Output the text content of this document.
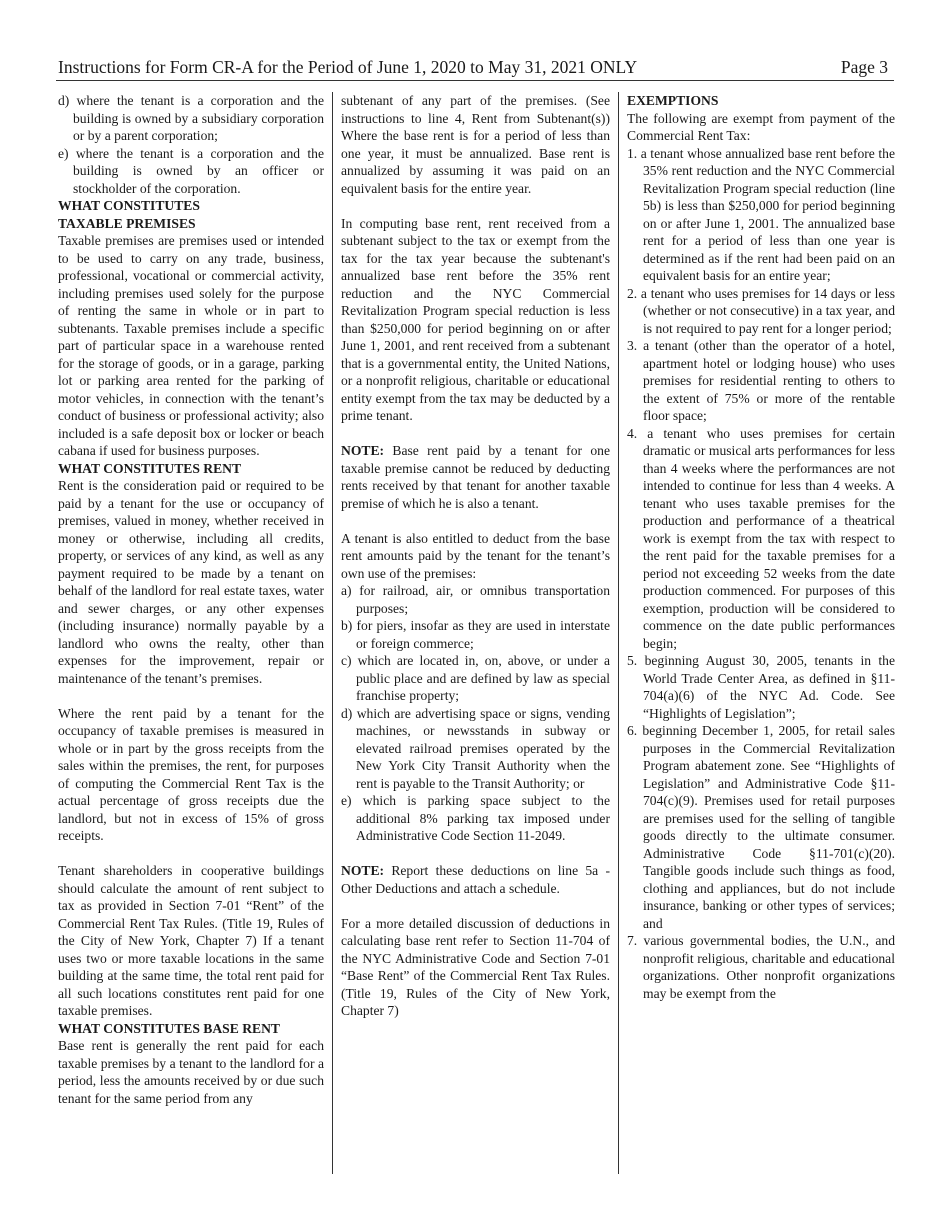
Instructions for Form CR-A for the Period of June 1, 2020 to May 31, 2021 ONLY	Page 3

d) where the tenant is a corporation and the building is owned by a subsidiary corporation or by a parent corporation;

e) where the tenant is a corporation and the building is owned by an officer or stockholder of the corporation.

WHAT CONSTITUTES

TAXABLE PREMISES

Taxable premises are premises used or intended to be used to carry on any trade, business, professional, vocational or commercial activity, including premises used solely for the purpose of renting the same in whole or in part to subtenants. Taxable premises include a specific part of particular space in a warehouse rented for the storage of goods, or in a garage, parking lot or parking area rented for the parking of motor vehicles, in connection with the tenant’s conduct of business or professional activity; also included is a safe deposit box or locker or beach cabana if used for business purposes.

WHAT CONSTITUTES RENT

Rent is the consideration paid or required to be paid by a tenant for the use or occupancy of premises, valued in money, whether received in money or otherwise, including all credits, property, or services of any kind, as well as any payment required to be made by a tenant on behalf of the landlord for real estate taxes, water and sewer charges, or any other expenses (including insurance) normally payable by a landlord who owns the realty, other than expenses for the improvement, repair or maintenance of the tenant’s premises.

Where the rent paid by a tenant for the occupancy of taxable premises is measured in whole or in part by the gross receipts from the sales within the premises, the rent, for purposes of computing the Commercial Rent Tax is the actual percentage of gross receipts due the landlord, but not in excess of 15% of gross receipts.

Tenant shareholders in cooperative buildings should calculate the amount of rent subject to tax as provided in Section 7-01 “Rent” of the Commercial Rent Tax Rules. (Title 19, Rules of the City of New York, Chapter 7) If a tenant uses two or more taxable locations in the same building at the same time, the total rent paid for all such locations constitutes rent paid for one taxable premises.

WHAT CONSTITUTES BASE RENT

Base rent is generally the rent paid for each taxable premises by a tenant to the landlord for a period, less the amounts received by or due such tenant for the same period from any

subtenant of any part of the premises. (See instructions to line 4, Rent from Subtenant(s)) Where the base rent is for a period of less than one year, it must be annualized. Base rent is annualized by assuming it was paid on an equivalent basis for the entire year.

In computing base rent, rent received from a subtenant subject to the tax or exempt from the tax for the tax year because the subtenant's annualized base rent before the 35% rent reduction and the NYC Commercial Revitalization Program special reduction is less than $250,000 for period beginning on or after June 1, 2001, and rent received from a subtenant that is a governmental entity, the United Nations, or a nonprofit religious, charitable or educational entity exempt from the tax may be deducted by a prime tenant.

NOTE: Base rent paid by a tenant for one taxable premise cannot be reduced by deducting rents received by that tenant for another taxable premise of which he is also a tenant.

A tenant is also entitled to deduct from the base rent amounts paid by the tenant for the tenant’s own use of the premises:

a) for railroad, air, or omnibus transportation purposes;

b) for piers, insofar as they are used in interstate or foreign commerce;

c) which are located in, on, above, or under a public place and are defined by law as special franchise property;

d) which are advertising space or signs, vending machines, or newsstands in subway or elevated railroad premises operated by the New York City Transit Authority when the rent is payable to the Transit Authority; or

e) which is parking space subject to the additional 8% parking tax imposed under Administrative Code Section 11-2049.

NOTE: Report these deductions on line 5a - Other Deductions and attach a schedule.

For a more detailed discussion of deductions in calculating base rent refer to Section 11-704 of the NYC Administrative Code and Section 7-01 “Base Rent” of the Commercial Rent Tax Rules. (Title 19, Rules of the City of New York, Chapter 7)

EXEMPTIONS

The following are exempt from payment of the Commercial Rent Tax:

1. a tenant whose annualized base rent before the 35% rent reduction and the NYC Commercial Revitalization Program special reduction (line 5b) is less than $250,000 for period beginning on or after June 1, 2001. The annualized base rent for a period of less than one year is determined as if the rent had been paid on an equivalent basis for an entire year;

2. a tenant who uses premises for 14 days or less (whether or not consecutive) in a tax year, and is not required to pay rent for a longer period;

3. a tenant (other than the operator of a hotel, apartment hotel or lodging house) who uses premises for residential renting to others to the extent of 75% or more of the rentable floor space;

4. a tenant who uses premises for certain dramatic or musical arts performances for less than 4 weeks where the performances are not intended to continue for less than 4 weeks. A tenant who uses taxable premises for the production and performance of a theatrical work is exempt from the tax with respect to the rent paid for the taxable premises for a period not exceeding 52 weeks from the date production commenced. For purposes of this exemption, production will be considered to commence on the date public performances begin;

5. beginning August 30, 2005, tenants in the World Trade Center Area, as defined in §11-704(a)(6) of the NYC Ad. Code. See “Highlights of Legislation”;

6. beginning December 1, 2005, for retail sales purposes in the Commercial Revitalization Program abatement zone. See “Highlights of Legislation” and Administrative Code §11-704(c)(9). Premises used for retail purposes are premises used for the selling of tangible goods directly to the ultimate consumer. Administrative Code §11-701(c)(20). Tangible goods include such things as food, clothing and appliances, but do not include insurance, banking or other types of services; and

7. various governmental bodies, the U.N., and nonprofit religious, charitable and educational organizations. Other nonprofit organizations may be exempt from the
